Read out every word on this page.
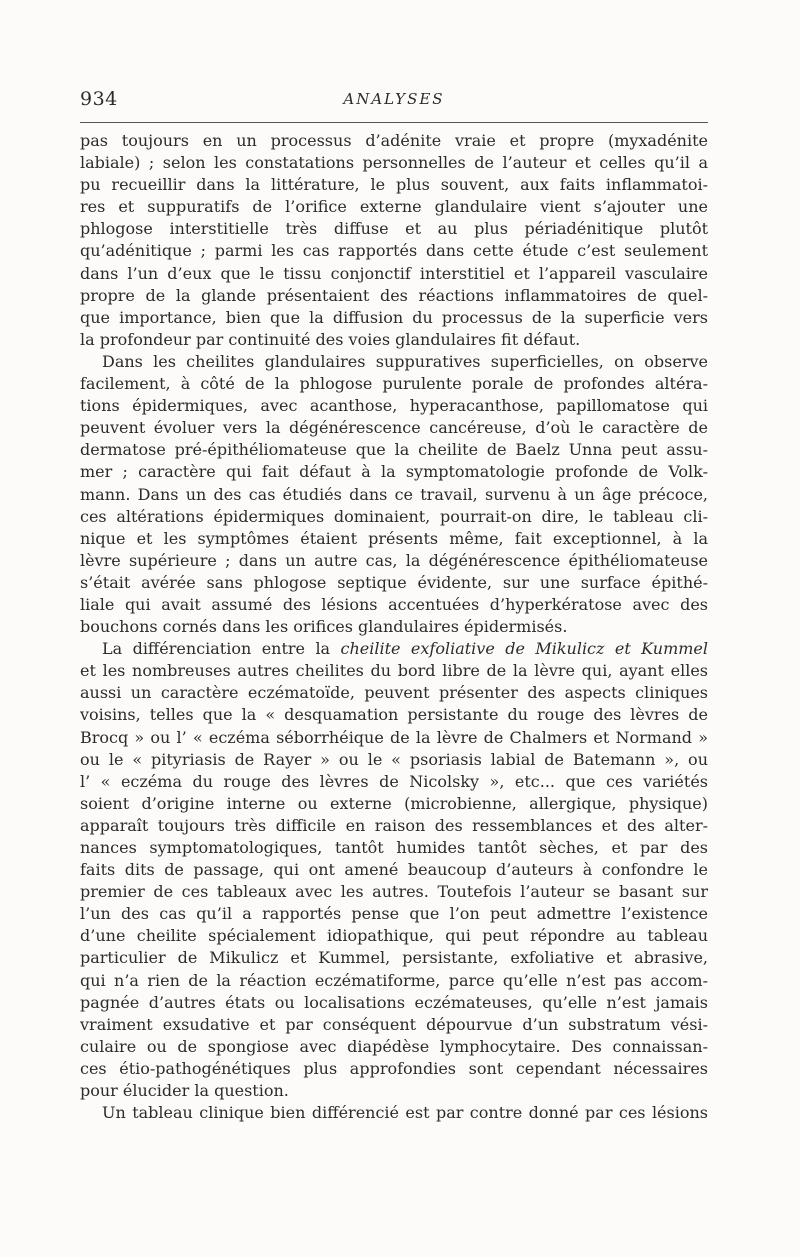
934	ANALYSES
pas toujours en un processus d’adénite vraie et propre (myxadénite
labiale) ; selon les constatations personnelles de l’auteur et celles qu’il a
pu recueillir dans la littérature, le plus souvent, aux faits inflammatoi-
res et suppuratifs de l’orifice externe glandulaire vient s’ajouter une
phlogose interstitielle très diffuse et au plus périadénitique plutôt
qu’adénitique ; parmi les cas rapportés dans cette étude c’est seulement
dans l’un d’eux que le tissu conjonctif interstitiel et l’appareil vasculaire
propre de la glande présentaient des réactions inflammatoires de quel-
que importance, bien que la diffusion du processus de la superficie vers
la profondeur par continuité des voies glandulaires fit défaut.
Dans les cheilites glandulaires suppuratives superficielles, on observe
facilement, à côté de la phlogose purulente porale de profondes altéra-
tions épidermiques, avec acanthose, hyperacanthose, papillomatose qui
peuvent évoluer vers la dégénérescence cancéreuse, d’où le caractère de
dermatose pré-épithéliomateuse que la cheilite de Baelz Unna peut assu-
mer ; caractère qui fait défaut à la symptomatologie profonde de Volk-
mann. Dans un des cas étudiés dans ce travail, survenu à un âge précoce,
ces altérations épidermiques dominaient, pourrait-on dire, le tableau cli-
nique et les symptômes étaient présents même, fait exceptionnel, à la
lèvre supérieure ; dans un autre cas, la dégénérescence épithéliomateuse
s’était avérée sans phlogose septique évidente, sur une surface épithé-
liale qui avait assumé des lésions accentuées d’hyperkératose avec des
bouchons cornés dans les orifices glandulaires épidermisés.
La différenciation entre la cheilite exfoliative de Mikulicz et Kummel
et les nombreuses autres cheilites du bord libre de la lèvre qui, ayant elles
aussi un caractère eczématoïde, peuvent présenter des aspects cliniques
voisins, telles que la « desquamation persistante du rouge des lèvres de
Brocq » ou l’ « eczéma séborrhéique de la lèvre de Chalmers et Normand »
ou le « pityriasis de Rayer » ou le « psoriasis labial de Batemann », ou
l’ « eczéma du rouge des lèvres de Nicolsky », etc... que ces variétés
soient d’origine interne ou externe (microbienne, allergique, physique)
apparaît toujours très difficile en raison des ressemblances et des alter-
nances symptomatologiques, tantôt humides tantôt sèches, et par des
faits dits de passage, qui ont amené beaucoup d’auteurs à confondre le
premier de ces tableaux avec les autres. Toutefois l’auteur se basant sur
l’un des cas qu’il a rapportés pense que l’on peut admettre l’existence
d’une cheilite spécialement idiopathique, qui peut répondre au tableau
particulier de Mikulicz et Kummel, persistante, exfoliative et abrasive,
qui n’a rien de la réaction eczématiforme, parce qu’elle n’est pas accom-
pagnée d’autres états ou localisations eczémateuses, qu’elle n’est jamais
vraiment exsudative et par conséquent dépourvue d’un substratum vési-
culaire ou de spongiose avec diapédèse lymphocytaire. Des connaissan-
ces étio-pathogénétiques plus approfondies sont cependant nécessaires
pour élucider la question.
Un tableau clinique bien différencié est par contre donné par ces lésions
